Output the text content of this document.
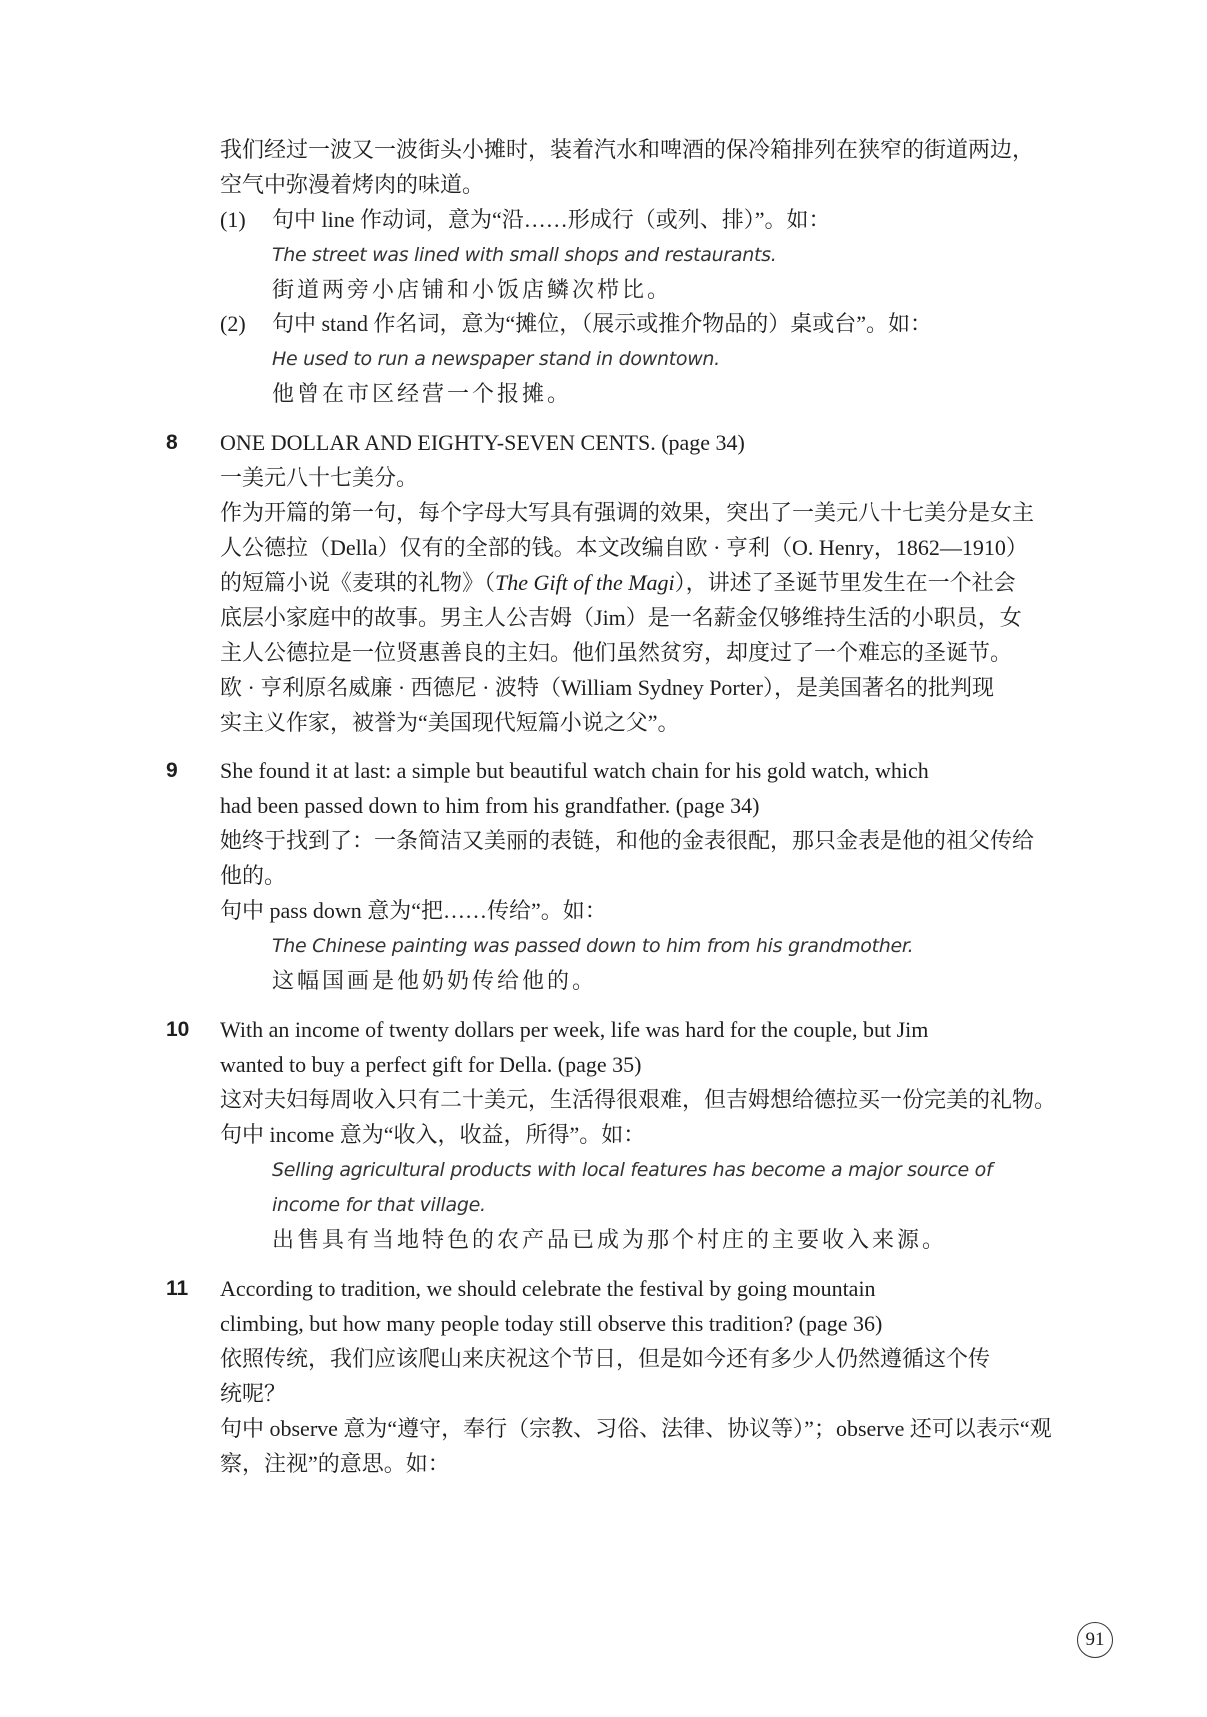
我们经过一波又一波街头小摊时，装着汽水和啤酒的保冷箱排列在狭窄的街道两边，
空气中弥漫着烤肉的味道。
(1) 句中 line 作动词，意为“沿……形成行（或列、排）”。如：
The street was lined with small shops and restaurants.
街道两旁小店铺和小饭店鳞次栉比。
(2) 句中 stand 作名词，意为“摊位，（展示或推介物品的）桌或台”。如：
He used to run a newspaper stand in downtown.
他曾在市区经营一个报摊。
8 ONE DOLLAR AND EIGHTY-SEVEN CENTS. (page 34)
一美元八十七美分。
作为开篇的第一句，每个字母大写具有强调的效果，突出了一美元八十七美分是女主
人公德拉（Della）仅有的全部的钱。本文改编自欧 · 亨利（O. Henry，1862—1910）
的短篇小说《麦琪的礼物》（The Gift of the Magi），讲述了圣诞节里发生在一个社会
底层小家庭中的故事。男主人公吉姆（Jim）是一名薪金仅够维持生活的小职员，女
主人公德拉是一位贤惠善良的主妇。他们虽然贫穷，却度过了一个难忘的圣诞节。
欧 · 亨利原名威廉 · 西德尼 · 波特（William Sydney Porter），是美国著名的批判现
实主义作家，被誉为“美国现代短篇小说之父”。
9 She found it at last: a simple but beautiful watch chain for his gold watch, which
had been passed down to him from his grandfather. (page 34)
她终于找到了：一条简洁又美丽的表链，和他的金表很配，那只金表是他的祖父传给
他的。
句中 pass down 意为“把……传给”。如：
The Chinese painting was passed down to him from his grandmother.
这幅国画是他奶奶传给他的。
10 With an income of twenty dollars per week, life was hard for the couple, but Jim
wanted to buy a perfect gift for Della. (page 35)
这对夫妇每周收入只有二十美元，生活得很艰难，但吉姆想给德拉买一份完美的礼物。
句中 income 意为“收入，收益，所得”。如：
Selling agricultural products with local features has become a major source of
income for that village.
出售具有当地特色的农产品已成为那个村庄的主要收入来源。
11 According to tradition, we should celebrate the festival by going mountain
climbing, but how many people today still observe this tradition? (page 36)
依照传统，我们应该爬山来庆祝这个节日，但是如今还有多少人仍然遵循这个传
统呢？
句中 observe 意为“遵守，奉行（宗教、习俗、法律、协议等）”；observe 还可以表示“观
察，注视”的意思。如：
91
